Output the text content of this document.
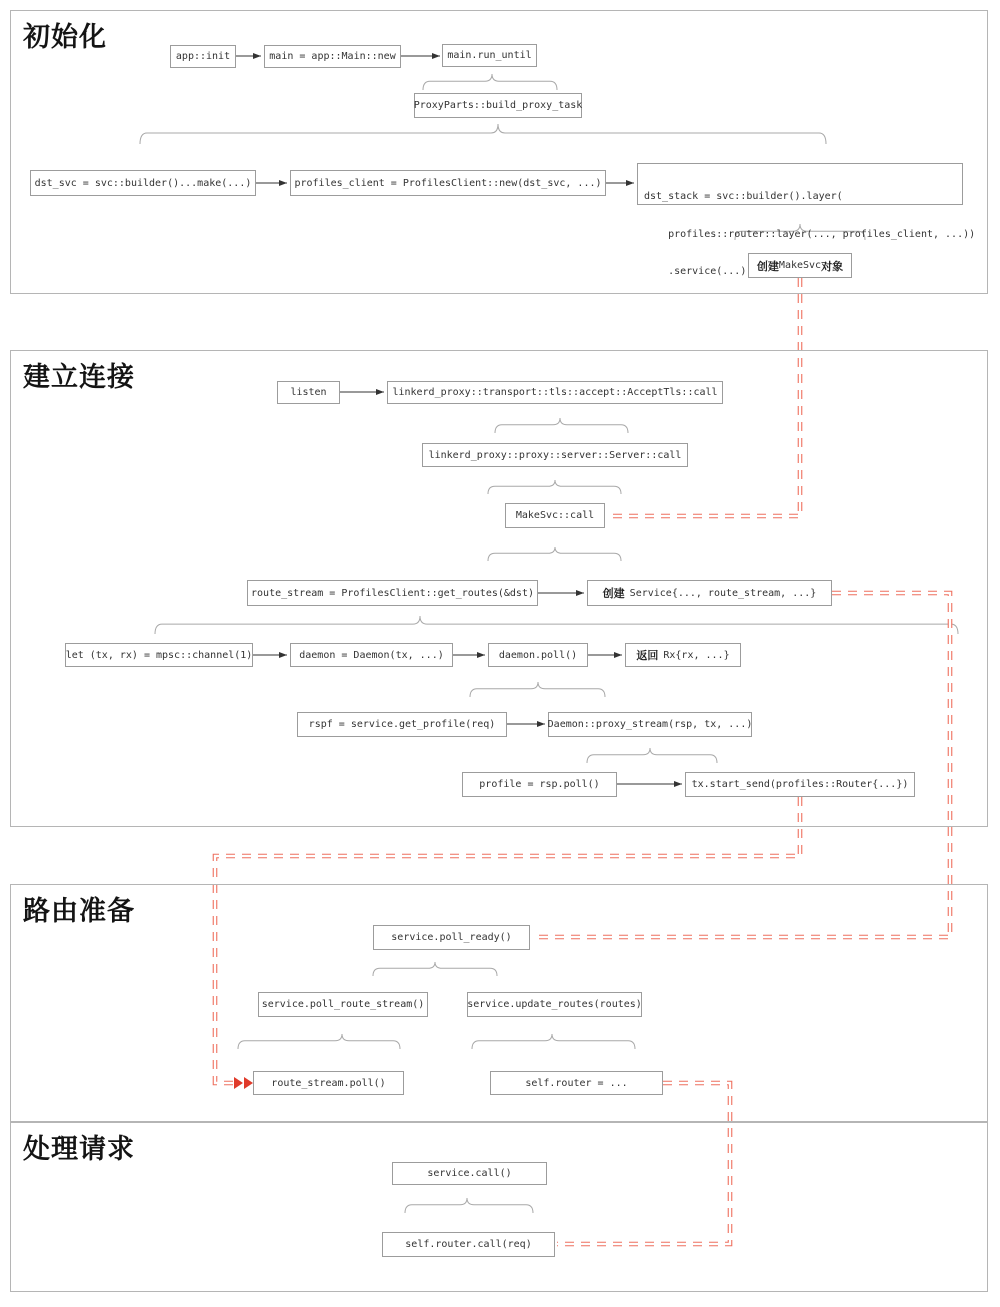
初始化
建立连接
路由准备
处理请求
app::init	main = app::Main::new	main.run_until
ProxyParts::build_proxy_task
dst_svc = svc::builder()...make(...)	profiles_client = ProfilesClient::new(dst_svc, ...)

dst_stack = svc::builder().layer(

profiles::router::layer(..., profiles_client, ...))

.service(...)

创建 MakeSvc 对象
listen	linkerd_proxy::transport::tls::accept::AcceptTls::call
linkerd_proxy::proxy::server::Server::call
MakeSvc::call
route_stream = ProfilesClient::get_routes(&dst)	创建 Service{..., route_stream, ...}
let (tx, rx) = mpsc::channel(1)	daemon = Daemon(tx, ...)	daemon.poll()	返回 Rx{rx, ...}
rspf = service.get_profile(req)	Daemon::proxy_stream(rsp, tx, ...)
profile = rsp.poll()	tx.start_send(profiles::Router{...})
service.poll_ready()
service.poll_route_stream()	service.update_routes(routes)
route_stream.poll()	self.router = ...
service.call()
self.router.call(req)
